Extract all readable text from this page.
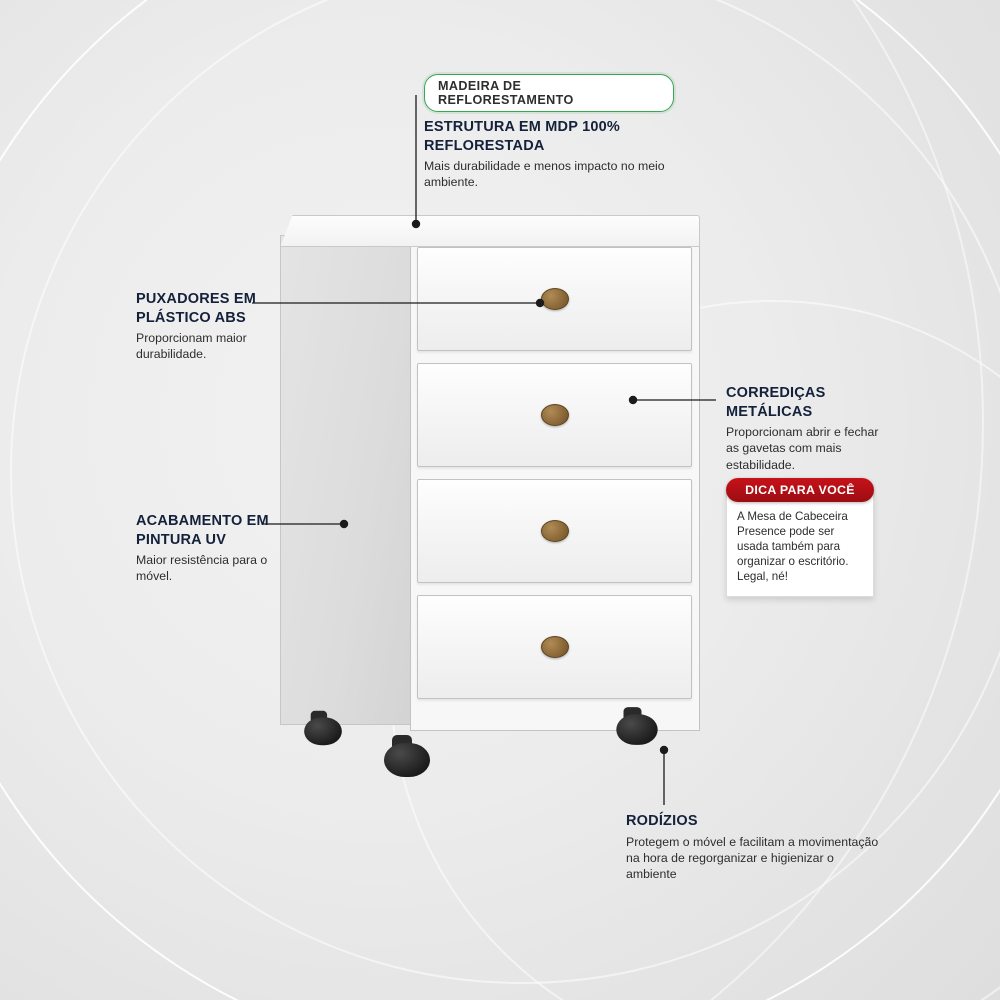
MADEIRA DE REFLORESTAMENTO
ESTRUTURA EM MDP 100% REFLORESTADA
Mais durabilidade e menos impacto no meio ambiente.
PUXADORES EM PLÁSTICO ABS
Proporcionam maior durabilidade.
ACABAMENTO EM PINTURA UV
Maior resistência para o móvel.
CORREDIÇAS METÁLICAS
Proporcionam abrir e fechar as gavetas com mais estabilidade.
DICA PARA VOCÊ
A Mesa de Cabeceira Presence pode ser usada também para organizar o escritório. Legal, né!
RODÍZIOS
Protegem o móvel e facilitam a movimentação na hora de regorganizar e higienizar o ambiente
